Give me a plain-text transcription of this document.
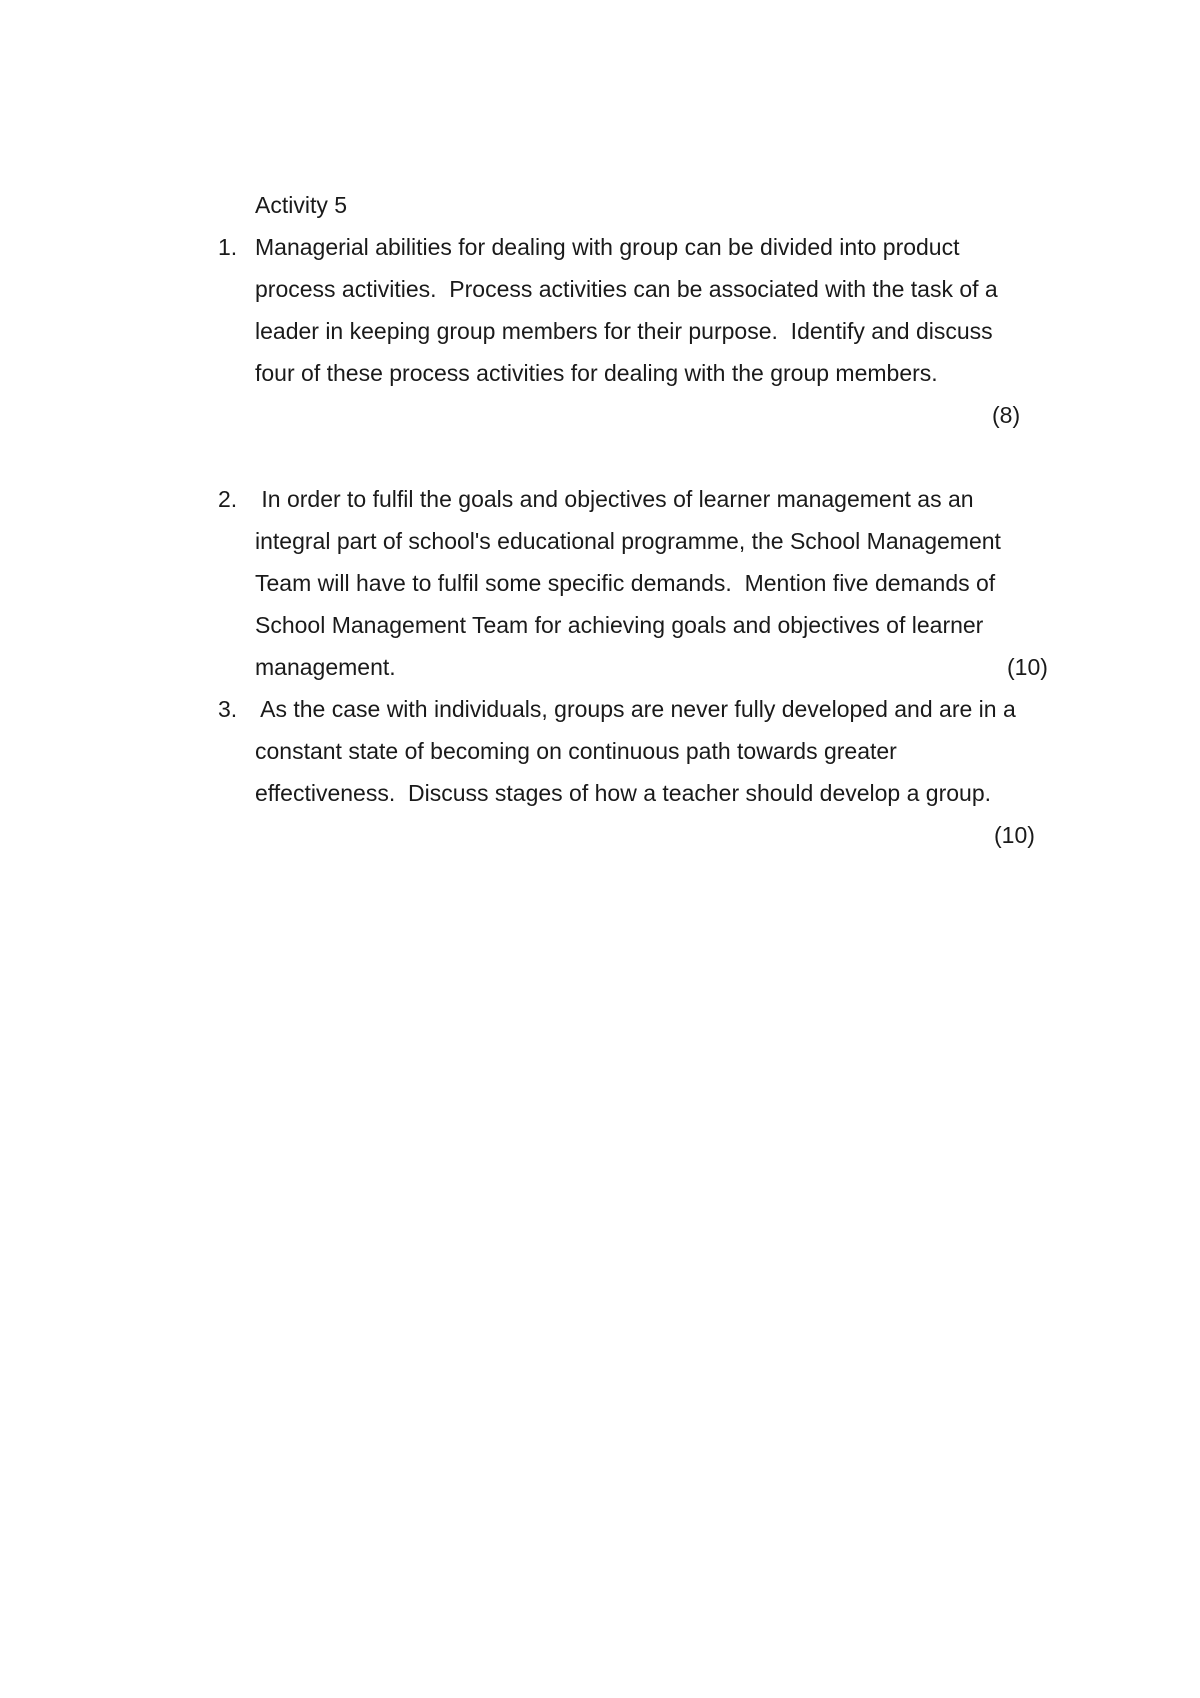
Activity 5
1. Managerial abilities for dealing with group can be divided into product
process activities.  Process activities can be associated with the task of a
leader in keeping group members for their purpose.  Identify and discuss
four of these process activities for dealing with the group members.
(8)
2. In order to fulfil the goals and objectives of learner management as an
integral part of school's educational programme, the School Management
Team will have to fulfil some specific demands.  Mention five demands of
School Management Team for achieving goals and objectives of learner
management.	(10)
3. As the case with individuals, groups are never fully developed and are in a
constant state of becoming on continuous path towards greater
effectiveness.  Discuss stages of how a teacher should develop a group.
(10)
